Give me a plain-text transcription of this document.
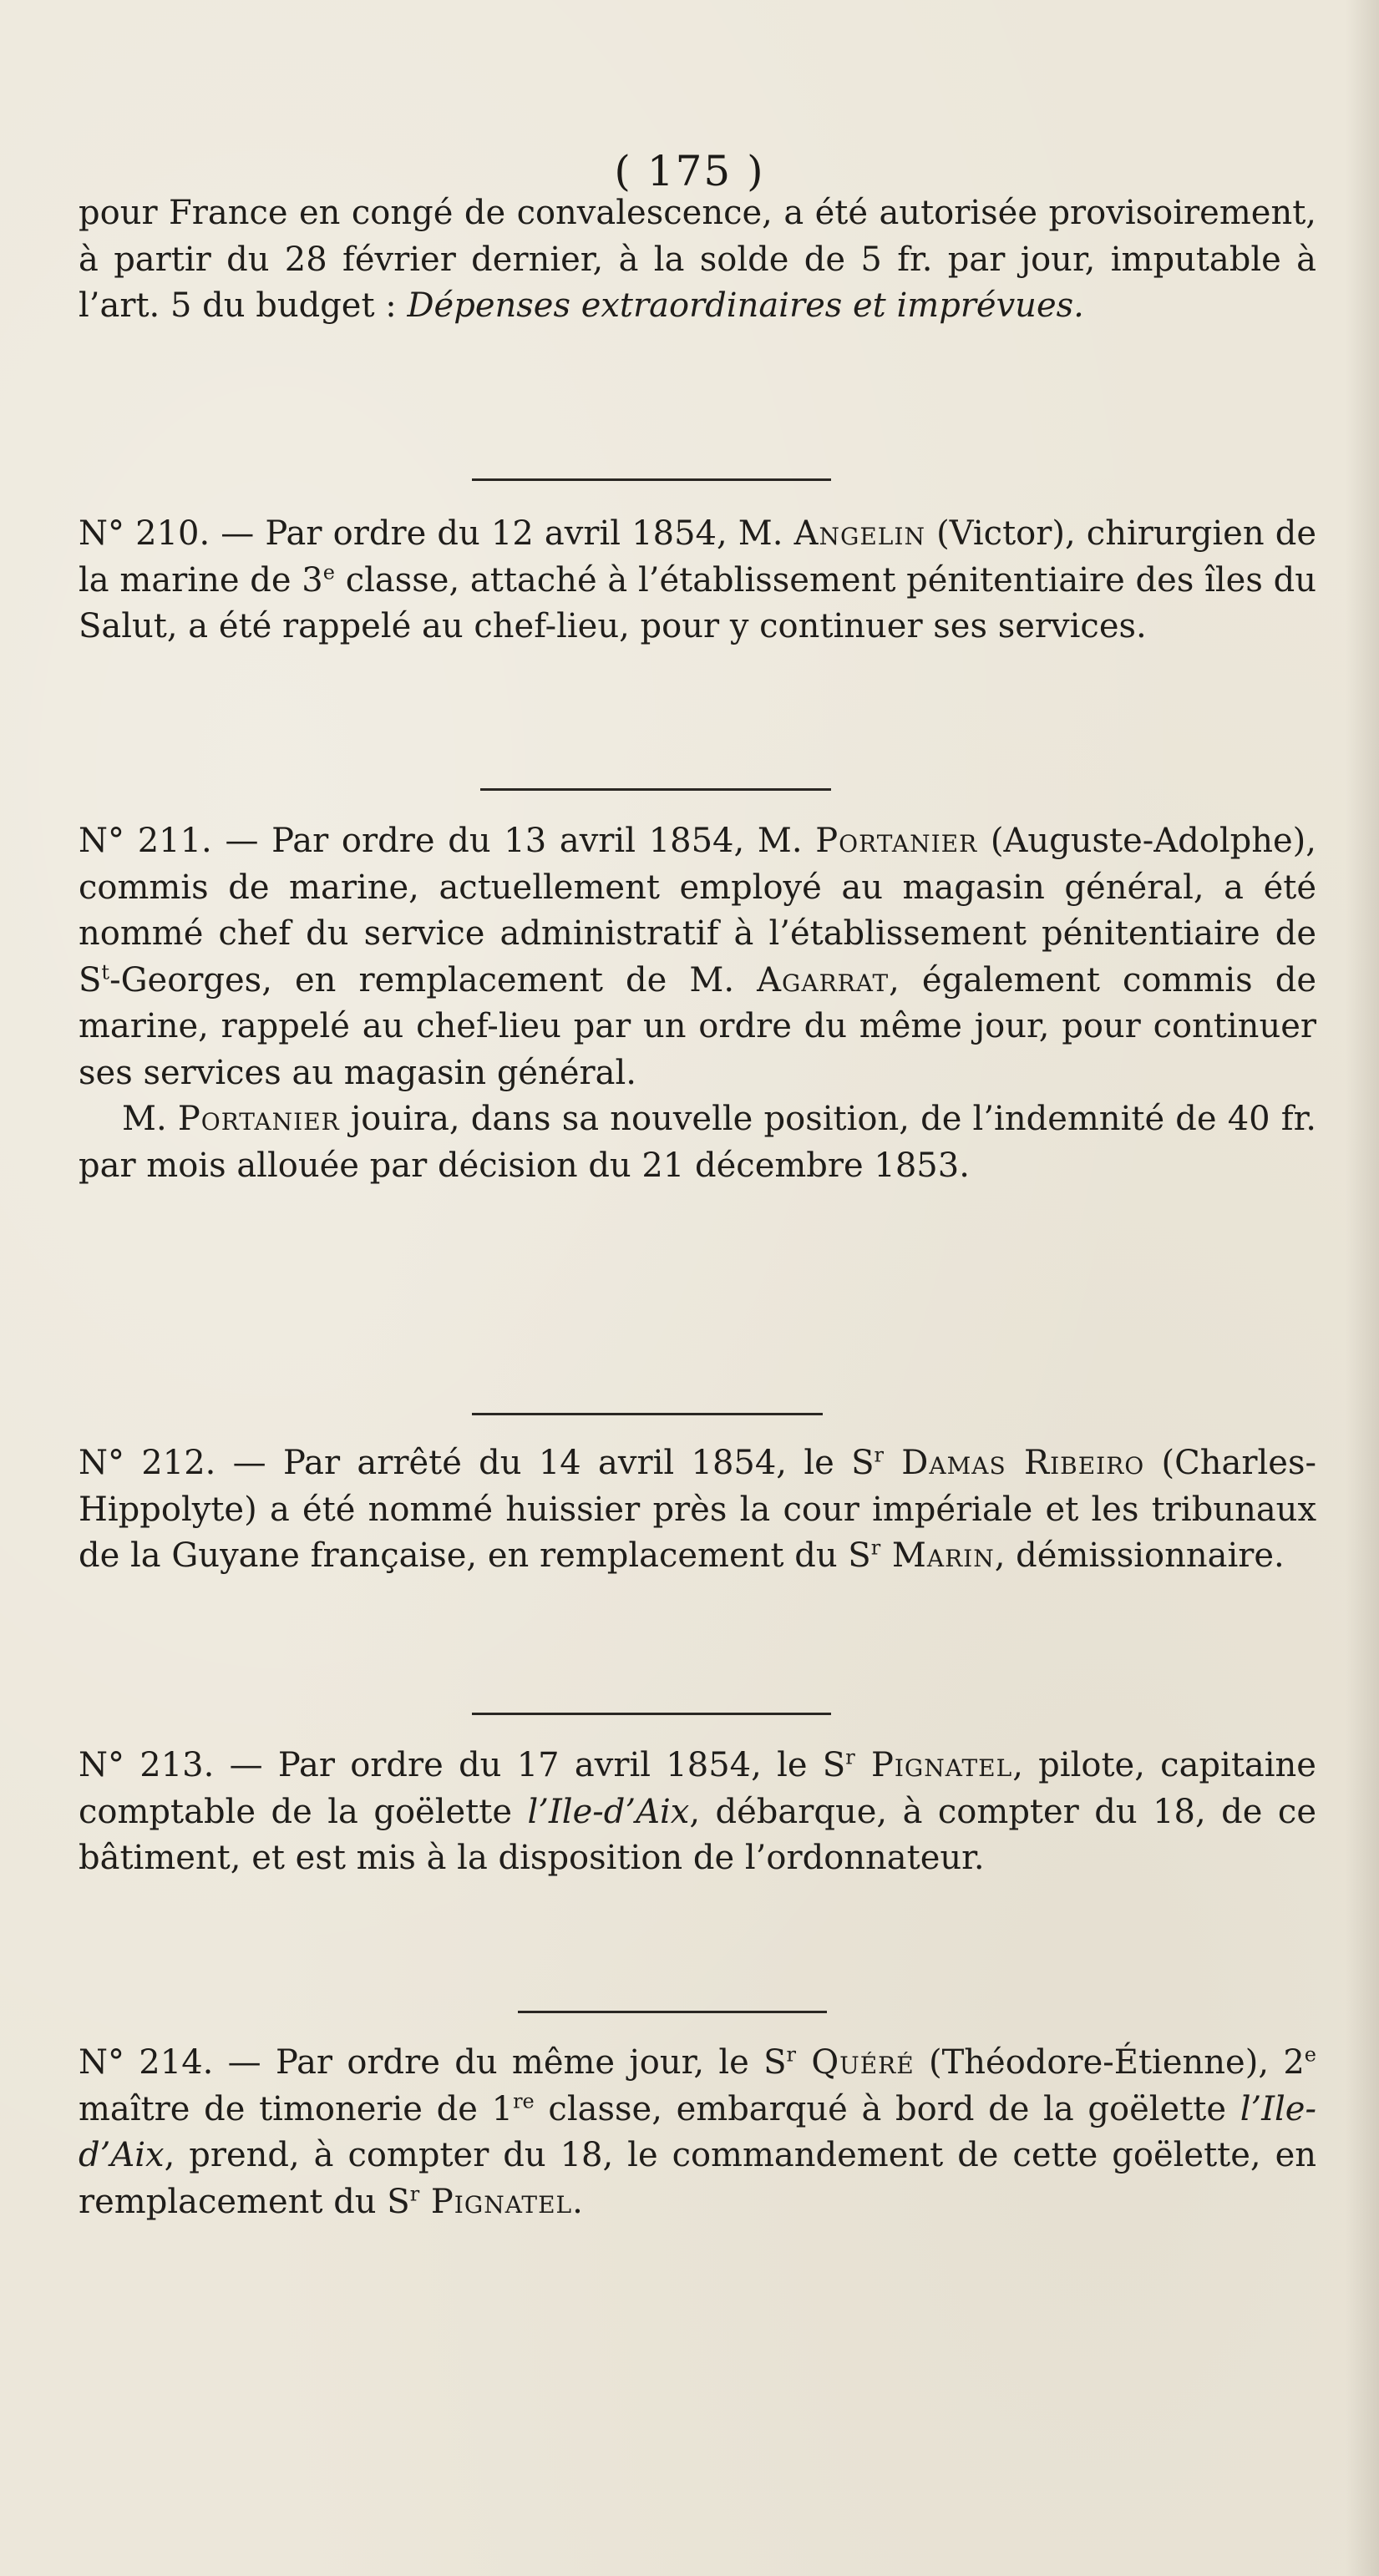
( 175 )

pour France en congé de convalescence, a été autorisée provisoirement, à partir du 28 février dernier, à la solde de 5 fr. par jour, imputable à l’art. 5 du budget : Dépenses extraordinaires et imprévues.

N° 210. — Par ordre du 12 avril 1854, M. Angelin (Victor), chirurgien de la marine de 3e classe, attaché à l’établissement pénitentiaire des îles du Salut, a été rappelé au chef-lieu, pour y continuer ses services.

N° 211. — Par ordre du 13 avril 1854, M. Portanier (Auguste-Adolphe), commis de marine, actuellement employé au magasin général, a été nommé chef du service administratif à l’établissement pénitentiaire de $S^t$-Georges, en remplacement de M. Agarrat, également commis de marine, rappelé au chef-lieu par un ordre du même jour, pour continuer ses services au magasin général.

M. Portanier jouira, dans sa nouvelle position, de l’indemnité de 40 fr. par mois allouée par décision du 21 décembre 1853.

N° 212. — Par arrêté du 14 avril 1854, le $S^r$ Damas Ribeiro (Charles-Hippolyte) a été nommé huissier près la cour impériale et les tribunaux de la Guyane française, en remplacement du $S^r$ Marin, démissionnaire.

N° 213. — Par ordre du 17 avril 1854, le $S^r$ Pignatel, pilote, capitaine comptable de la goëlette l’Ile-d’Aix, débarque, à compter du 18, de ce bâtiment, et est mis à la disposition de l’ordonnateur.

N° 214. — Par ordre du même jour, le $S^r$ Quéré (Théodore-Étienne), 2e maître de timonerie de 1re classe, embarqué à bord de la goëlette l’Ile-d’Aix, prend, à compter du 18, le commandement de cette goëlette, en remplacement du $S^r$ Pignatel.
